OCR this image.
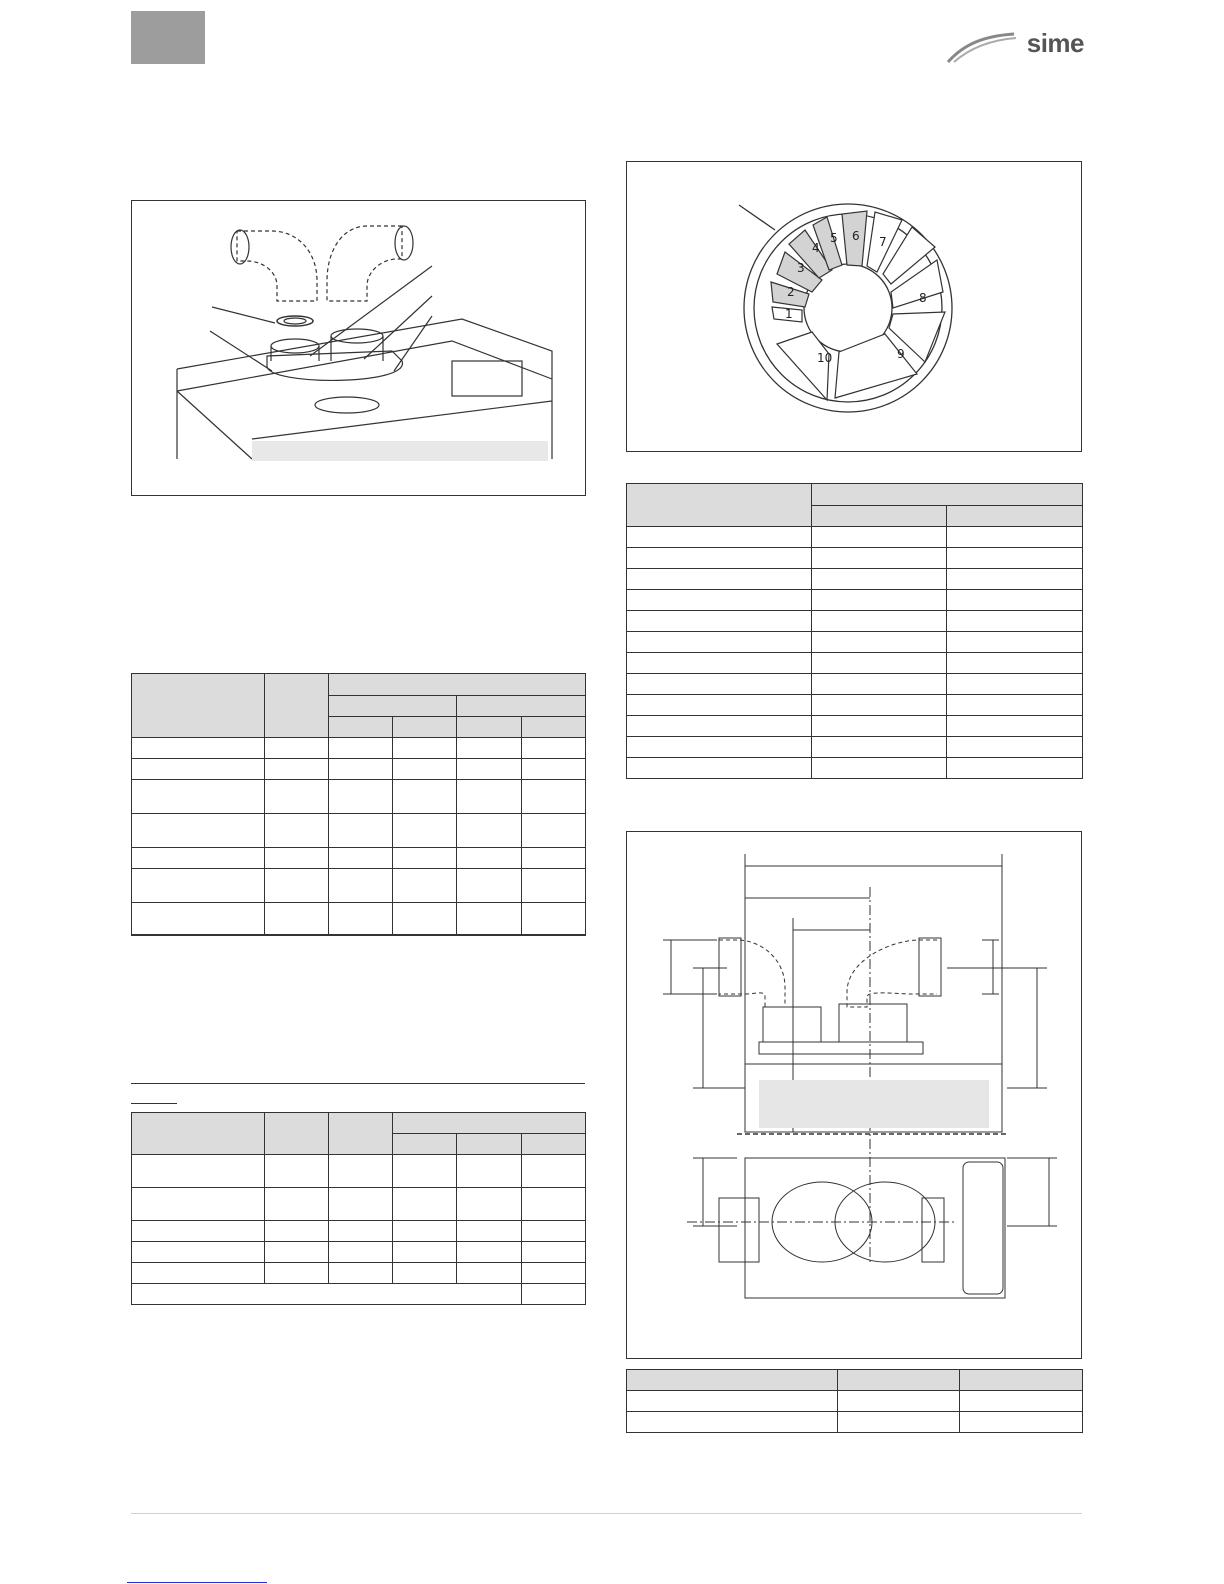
sime
1
2
3
4
5 6 7
8
9
10
